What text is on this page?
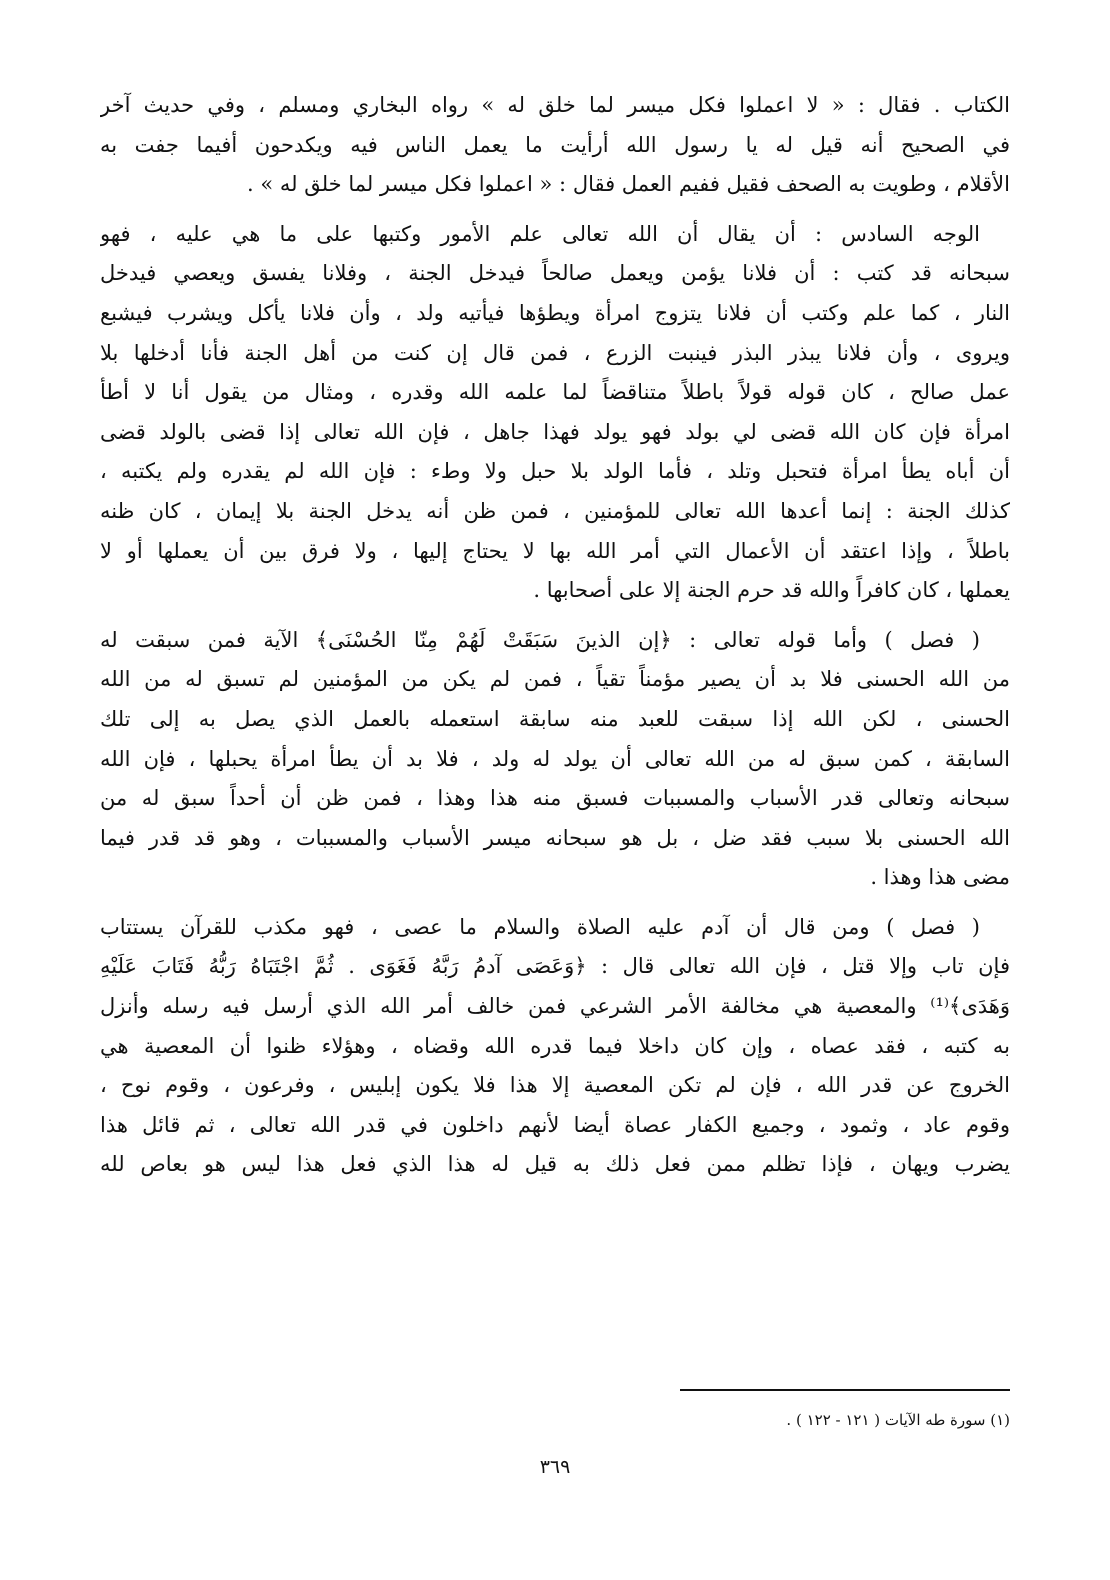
الكتاب . فقال : « لا اعملوا فكل ميسر لما خلق له » رواه البخاري ومسلم ، وفي حديث آخر
في الصحيح أنه قيل له يا رسول الله أرأيت ما يعمل الناس فيه ويكدحون أفيما جفت به
الأقلام ، وطويت به الصحف فقيل ففيم العمل فقال : « اعملوا فكل ميسر لما خلق له » .
الوجه السادس : أن يقال أن الله تعالى علم الأمور وكتبها على ما هي عليه ، فهو
سبحانه قد كتب : أن فلانا يؤمن ويعمل صالحاً فيدخل الجنة ، وفلانا يفسق ويعصي فيدخل
النار ، كما علم وكتب أن فلانا يتزوج امرأة ويطؤها فيأتيه ولد ، وأن فلانا يأكل ويشرب فيشبع
ويروى ، وأن فلانا يبذر البذر فينبت الزرع ، فمن قال إن كنت من أهل الجنة فأنا أدخلها بلا
عمل صالح ، كان قوله قولاً باطلاً متناقضاً لما علمه الله وقدره ، ومثال من يقول أنا لا أطأ
امرأة فإن كان الله قضى لي بولد فهو يولد فهذا جاهل ، فإن الله تعالى إذا قضى بالولد قضى
أن أباه يطأ امرأة فتحبل وتلد ، فأما الولد بلا حبل ولا وطء : فإن الله لم يقدره ولم يكتبه ،
كذلك الجنة : إنما أعدها الله تعالى للمؤمنين ، فمن ظن أنه يدخل الجنة بلا إيمان ، كان ظنه
باطلاً ، وإذا اعتقد أن الأعمال التي أمر الله بها لا يحتاج إليها ، ولا فرق بين أن يعملها أو لا
يعملها ، كان كافراً والله قد حرم الجنة إلا على أصحابها .
( فصل ) وأما قوله تعالى : ﴿إن الذينَ سَبَقَتْ لَهُمْ مِنّا الحُسْنَى﴾ الآية فمن سبقت له
من الله الحسنى فلا بد أن يصير مؤمناً تقياً ، فمن لم يكن من المؤمنين لم تسبق له من الله
الحسنى ، لكن الله إذا سبقت للعبد منه سابقة استعمله بالعمل الذي يصل به إلى تلك
السابقة ، كمن سبق له من الله تعالى أن يولد له ولد ، فلا بد أن يطأ امرأة يحبلها ، فإن الله
سبحانه وتعالى قدر الأسباب والمسببات فسبق منه هذا وهذا ، فمن ظن أن أحداً سبق له من
الله الحسنى بلا سبب فقد ضل ، بل هو سبحانه ميسر الأسباب والمسببات ، وهو قد قدر فيما
مضى هذا وهذا .
( فصل ) ومن قال أن آدم عليه الصلاة والسلام ما عصى ، فهو مكذب للقرآن يستتاب
فإن تاب وإلا قتل ، فإن الله تعالى قال : ﴿وَعَصَى آدمُ رَبَّهُ فَغَوَى . ثُمَّ اجْتَبَاهُ رَبُّهُ فَتَابَ عَلَيْهِ
وَهَدَى﴾⁽¹⁾ والمعصية هي مخالفة الأمر الشرعي فمن خالف أمر الله الذي أرسل فيه رسله وأنزل
به كتبه ، فقد عصاه ، وإن كان داخلا فيما قدره الله وقضاه ، وهؤلاء ظنوا أن المعصية هي
الخروج عن قدر الله ، فإن لم تكن المعصية إلا هذا فلا يكون إبليس ، وفرعون ، وقوم نوح ،
وقوم عاد ، وثمود ، وجميع الكفار عصاة أيضا لأنهم داخلون في قدر الله تعالى ، ثم قائل هذا
يضرب ويهان ، فإذا تظلم ممن فعل ذلك به قيل له هذا الذي فعل هذا ليس هو بعاص لله
(١) سورة طه الآيات ( ١٢١ - ١٢٢ ) .
٣٦٩
